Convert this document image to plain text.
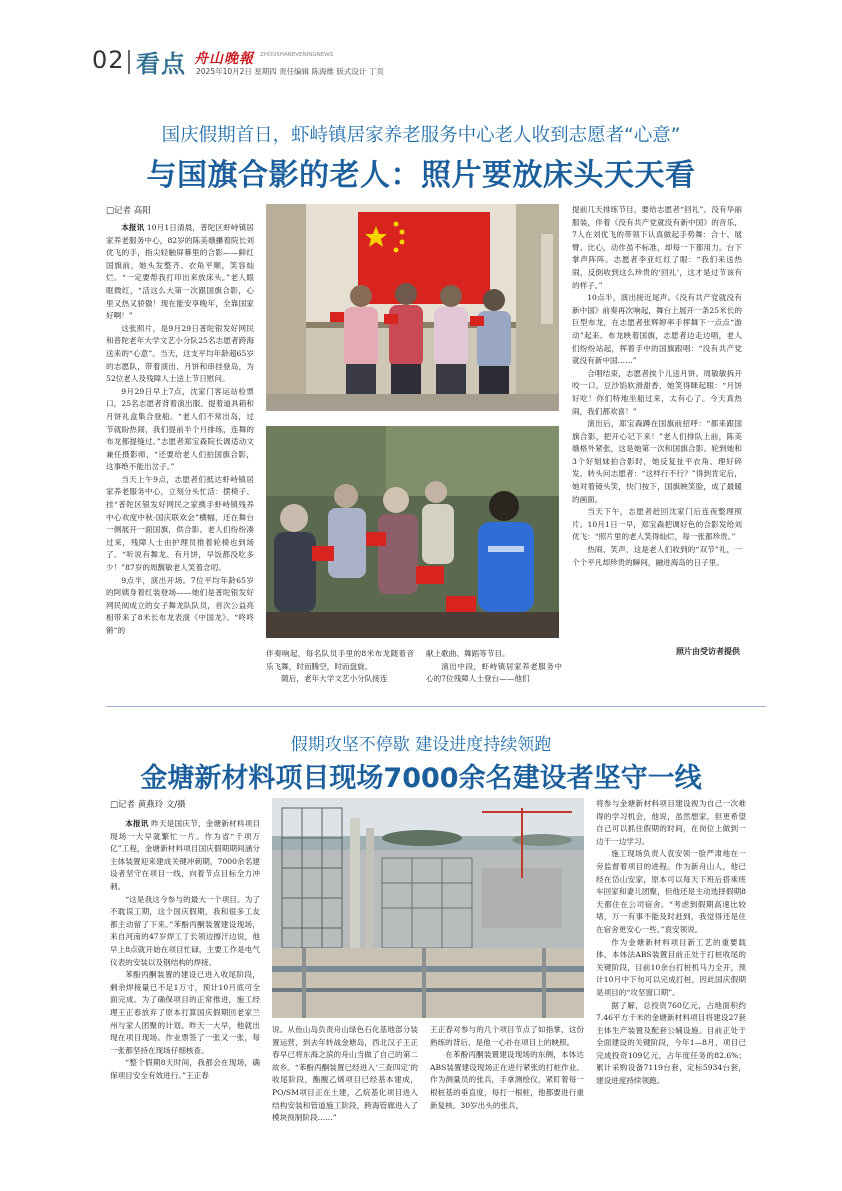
02 看点 舟山晚報 ZHOUSHANEVENINGNEWS
2025年10月2日 星期四 责任编辑 陈海维 版式设计 丁页
国庆假期首日，虾峙镇居家养老服务中心老人收到志愿者“心意”
与国旗合影的老人：照片要放床头天天看
□记者 高阳

本报讯 10月1日清晨，普陀区虾峙镇居家养老服务中心，82岁的陈美娥攥着院长刘优飞的手，指尖轻触屏幕里的合影——鲜红国旗前，她头发整齐、衣角平顺，笑容灿烂。“一定要帮我打印出来放床头。”老人眼眶微红，“活这么大第一次跟国旗合影，心里又热又骄傲！现在能安享晚年，全靠国家好啊！”

这张照片，是9月29日普陀银发好网民和普陀老年大学文艺小分队25名志愿者跨海送来的“心意”。当天，这支平均年龄超65岁的志愿队，带着演出、月饼和串挂登岛，为52位老人及残障人士送上节日慰问。

9月29日早上7点，沈家门客运站检票口，25名志愿者背着演出服、提着道具箱和月饼礼盒集合登船。“老人们不常出岛，过节就盼热闹，我们提前半个月排练，连舞的布龙都提缝过。”志愿者郑宝森院长调适动文兼任摄影师，“还要给老人们拍国旗合影，这事绝不能出岔子。”

当天上午9点，志愿者们抵达虾峙镇居家养老服务中心，立刻分头忙活：摆椅子、挂“普陀区银发好网民之家携手虾峙镇残养中心欢度中秋·国庆联欢会”横幅，还在舞台一侧展开一面国旗，供合影。老人们纷纷凑过来，残障人士由护理员推着轮椅也到场了。“听说有舞龙、有月饼，早饭都没吃多少！”87岁的周馥敏老人笑着念叨。

9点半，演出开场。7位平均年龄65岁的阿姨身着红装登场——她们是普陀银发好网民阅成立的女子舞龙队队员，首次公益亮相带来了8米长布龙表演《中国龙》。“咚咚锵”的

伴奏响起，每名队员手里的8米布龙随着音乐飞舞，时而腾空，时而盘旋。

随后，老年大学文艺小分队接连

献上歌曲、舞蹈等节目。

演出中段，虾峙镇居家养老服务中心的7位残障人士登台——他们

提前几天排练节目，要给志愿者“回礼”。没有华丽服装，伴着《没有共产党就没有新中国》的音乐，7人在刘优飞的带领下认真做起手势舞：合十、展臂、比心，动作虽不标准，却每一下都用力。台下掌声阵阵。志愿者李亚红红了眼：“我们来送热闹，反倒收到这么珍贵的‘回礼’，这才是过节该有的样子。”

10点半，演出接近尾声。《没有共产党就没有新中国》前奏再次响起，舞台上展开一条25米长的巨型布龙，在志愿者张辉婷率手挥舞下一点点“游动”起来。布龙映着国旗，志愿者边走边唱，老人们纷纷站起，挥着手中的国旗跟唱：“没有共产党就没有新中国……”

合唱结束，志愿者挨个儿送月饼。周敏敏拆开咬一口，豆沙馅软滑甜香，她笑得眯起眼：“月饼好吃！你们特地坐船过来，太有心了。今天真热闹，我们都欢喜！”

演出后，郑宝森蹲在国旗前招呼：“都来跟国旗合影，把开心记下来！”老人们排队上前，陈美娥格外紧张，这是她第一次和国旗合影。轮到她和3个好姐妹拍合影时，她反复扯平衣角、理好碎发，转头问志愿者：“这样行不行？”得到肯定后，她对着镜头笑，快门按下，国旗映笑脸，成了最暖的画面。

当天下午，志愿者赶回沈家门后连夜整理照片。10月1日一早，郑宝森把调好色的合影发给刘优飞：“照片里的老人笑得灿烂，每一张都珍贵。”

热闹、笑声，这是老人们收到的“双节”礼，一个个平凡却珍贵的瞬间，融进海岛的日子里。

照片由受访者提供
假期攻坚不停歇 建设进度持续领跑
金塘新材料项目现场7000余名建设者坚守一线
□记者 黄燕玲 文/摄

本报讯 昨天是国庆节，金塘新材料项目现场一大早就繁忙一片。作为省“千项万亿”工程，金塘新材料项目国庆假期期间涵分主体装置迎来建成关键冲刺期，7000余名建设者坚守在项目一线，向着节点目标全力冲刺。

“这是我这今参与的最大一个项目。为了不耽误工期，这个国庆假期，我和很多工友都主动留了下来。”苯酚丙酮装置建设现场，来自河南的47岁焊工丁长领边擦汗边说，他早上8点就开始在项目忙碌，主要工作是电气仪表的安装以及钢结构的焊接。

苯酚丙酮装置的建设已进入收尾阶段，剩余焊接量已不足1万寸，预计10月底可全面完成。为了确保项目的正常推进，施工经理王正春放弃了原本打算国庆假期回老家兰州与家人团聚的计划。昨天一大早，他就出现在项目现场。作业票签了一张又一张，每一张都坚持在现场仔细核查。

“整个假期8天时间，我都会在现场，确保项目安全有效进行。”王正春

说。从鱼山岛负责舟山绿色石化基地部分装置运营，到去年转战金塘岛，西北汉子王正春早已将东海之滨的舟山当做了自己的第二故乡。“苯酚丙酮装置已经进入‘三查四定’的收尾阶段，酯酸乙烯项目已经基本建成，PO/SM项目正在土建，乙烷基化项目进入结构安装和管道施工阶段，跨海管廊进入了模块预制阶段……”

王正春对参与的几个项目节点了如指掌，这份熟练的背后，是他一心扑在项目上的映照。

在苯酚丙酮装置建设现场的东侧，本体达ABS装置建设现场正在进行紧张的打桩作业。作为测量员的张兵，手拿测绘仪，紧盯着每一根桩基的垂直度，每打一根桩，他都要进行重新复核。30岁出头的张兵，

将参与金塘新材料项目建设视为自己一次难得的学习机会，他说，虽然想家，但更希望自己可以抓住假期的时间，在岗位上做到一边干一边学习。

施工现场负责人袁安领一脸严肃地在一旁监督着项目的进程。作为新舟山人，他已经在岱山安家，原本可以每天下班后搭乘班车回家和妻儿团聚，但他还是主动选择假期8天都住在公司宿舍。“考虑到假期高速比较堵，万一有事不能及时赶到，我觉得还是住在宿舍更安心一些。”袁安领说。

作为金塘新材料项目新工艺的重要载体，本体法ABS装置目前正处于打桩收尾的关键阶段，目前10余台打桩机马力全开，预计10月中下旬可以完成打桩，因此国庆假期是项目的“攻坚窗口期”。

据了解，总投资760亿元，占地面积约7.46平方千米的金塘新材料项目将建设27套主体生产装置及配套公辅设施。目前正处于全面建设的关键阶段，今年1—8月，项目已完成投资109亿元，占年度任务的82.6%；累计采购设备7119台套，定标5934台套，建设进度持续领跑。
